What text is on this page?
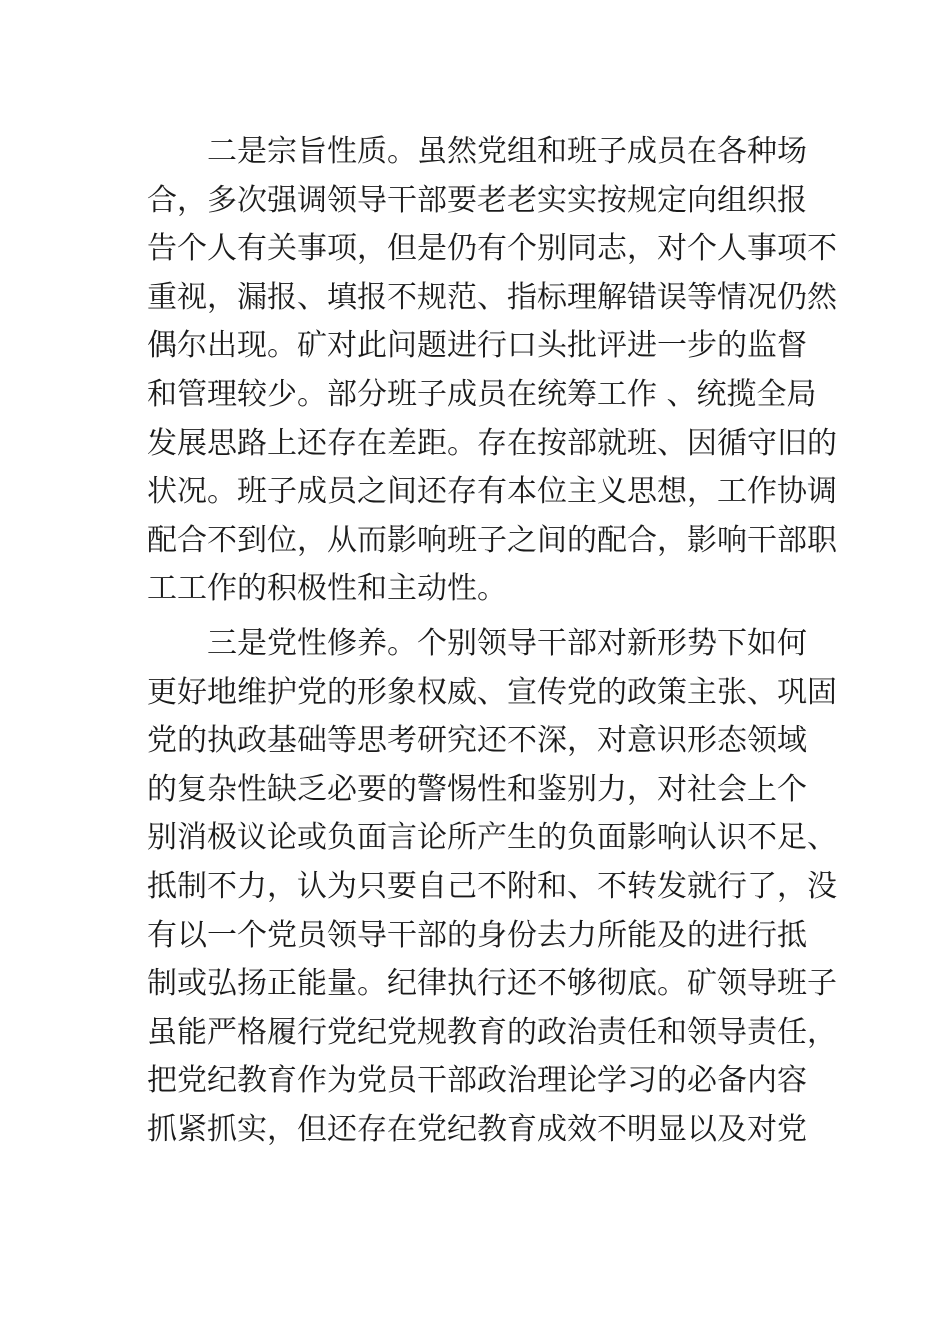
二是宗旨性质。虽然党组和班子成员在各种场
合，多次强调领导干部要老老实实按规定向组织报
告个人有关事项，但是仍有个别同志，对个人事项不
重视，漏报、填报不规范、指标理解错误等情况仍然
偶尔出现。矿对此问题进行口头批评进一步的监督
和管理较少。部分班子成员在统筹工作 、统揽全局
发展思路上还存在差距。存在按部就班、因循守旧的
状况。班子成员之间还存有本位主义思想，工作协调
配合不到位，从而影响班子之间的配合，影响干部职
工工作的积极性和主动性。
三是党性修养。个别领导干部对新形势下如何
更好地维护党的形象权威、宣传党的政策主张、巩固
党的执政基础等思考研究还不深，对意识形态领域
的复杂性缺乏必要的警惕性和鉴别力，对社会上个
别消极议论或负面言论所产生的负面影响认识不足、
抵制不力，认为只要自己不附和、不转发就行了，没
有以一个党员领导干部的身份去力所能及的进行抵
制或弘扬正能量。纪律执行还不够彻底。矿领导班子
虽能严格履行党纪党规教育的政治责任和领导责任，
把党纪教育作为党员干部政治理论学习的必备内容
抓紧抓实，但还存在党纪教育成效不明显以及对党
